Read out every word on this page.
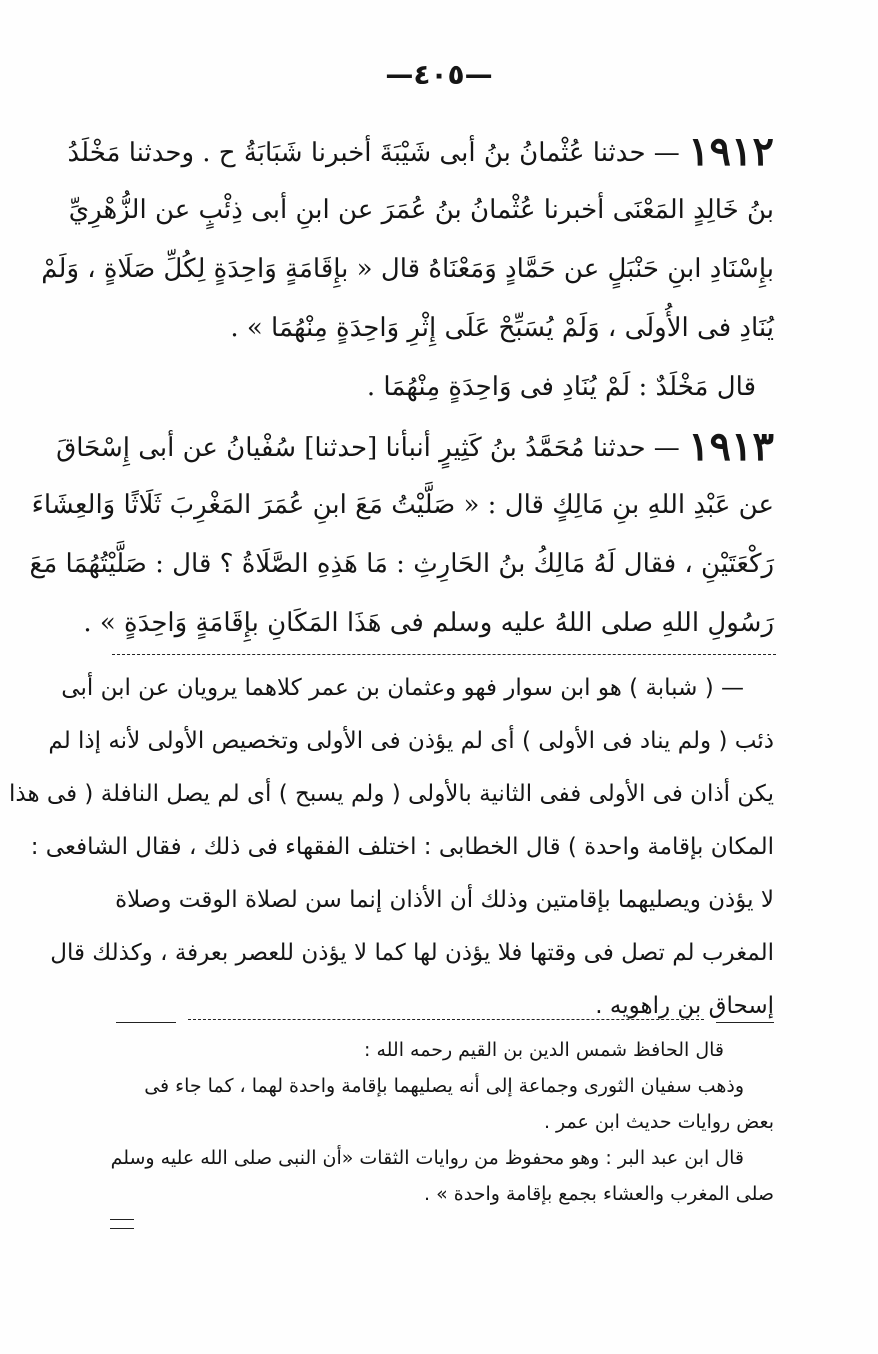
—٤٠٥—
١٩١٢ — حدثنا عُثْمانُ بنُ أبى شَيْبَةَ أخبرنا شَبَابَةُ ح . وحدثنا مَخْلَدُ
بنُ خَالِدٍ المَعْنَى أخبرنا عُثْمانُ بنُ عُمَرَ عن ابنِ أبى ذِئْبٍ عن الزُّهْرِيِّ
بإِسْنَادِ ابنِ حَنْبَلٍ عن حَمَّادٍ وَمَعْنَاهُ قال « بإِقَامَةٍ وَاحِدَةٍ لِكُلِّ صَلَاةٍ ، وَلَمْ
يُنَادِ فى الأُولَى ، وَلَمْ يُسَبِّحْ عَلَى إِثْرِ وَاحِدَةٍ مِنْهُمَا » .
قال مَخْلَدٌ : لَمْ يُنَادِ فى وَاحِدَةٍ مِنْهُمَا .
١٩١٣ — حدثنا مُحَمَّدُ بنُ كَثِيرٍ أنبأنا [حدثنا] سُفْيانُ عن أبى إِسْحَاقَ
عن عَبْدِ اللهِ بنِ مَالِكٍ قال : « صَلَّيْتُ مَعَ ابنِ عُمَرَ المَغْرِبَ ثَلَاثًا وَالعِشَاءَ
رَكْعَتَيْنِ ، فقال لَهُ مَالِكُ بنُ الحَارِثِ : مَا هَذِهِ الصَّلَاةُ ؟ قال : صَلَّيْتُهُمَا مَعَ
رَسُولِ اللهِ صلى اللهُ عليه وسلم فى هَذَا المَكَانِ بإِقَامَةٍ وَاحِدَةٍ » .
— ( شبابة ) هو ابن سوار فهو وعثمان بن عمر كلاهما يرويان عن ابن أبى
ذئب ( ولم يناد فى الأولى ) أى لم يؤذن فى الأولى وتخصيص الأولى لأنه إذا لم
يكن أذان فى الأولى ففى الثانية بالأولى ( ولم يسبح ) أى لم يصل النافلة ( فى هذا
المكان بإقامة واحدة ) قال الخطابى : اختلف الفقهاء فى ذلك ، فقال الشافعى :
لا يؤذن ويصليهما بإقامتين وذلك أن الأذان إنما سن لصلاة الوقت وصلاة
المغرب لم تصل فى وقتها فلا يؤذن لها كما لا يؤذن للعصر بعرفة ، وكذلك قال
إسحاق بن راهويه .
قال الحافظ شمس الدين بن القيم رحمه الله :
وذهب سفيان الثورى وجماعة إلى أنه يصليهما بإقامة واحدة لهما ، كما جاء فى
بعض روايات حديث ابن عمر .
قال ابن عبد البر : وهو محفوظ من روايات الثقات «أن النبى صلى الله عليه وسلم
صلى المغرب والعشاء بجمع بإقامة واحدة » .
